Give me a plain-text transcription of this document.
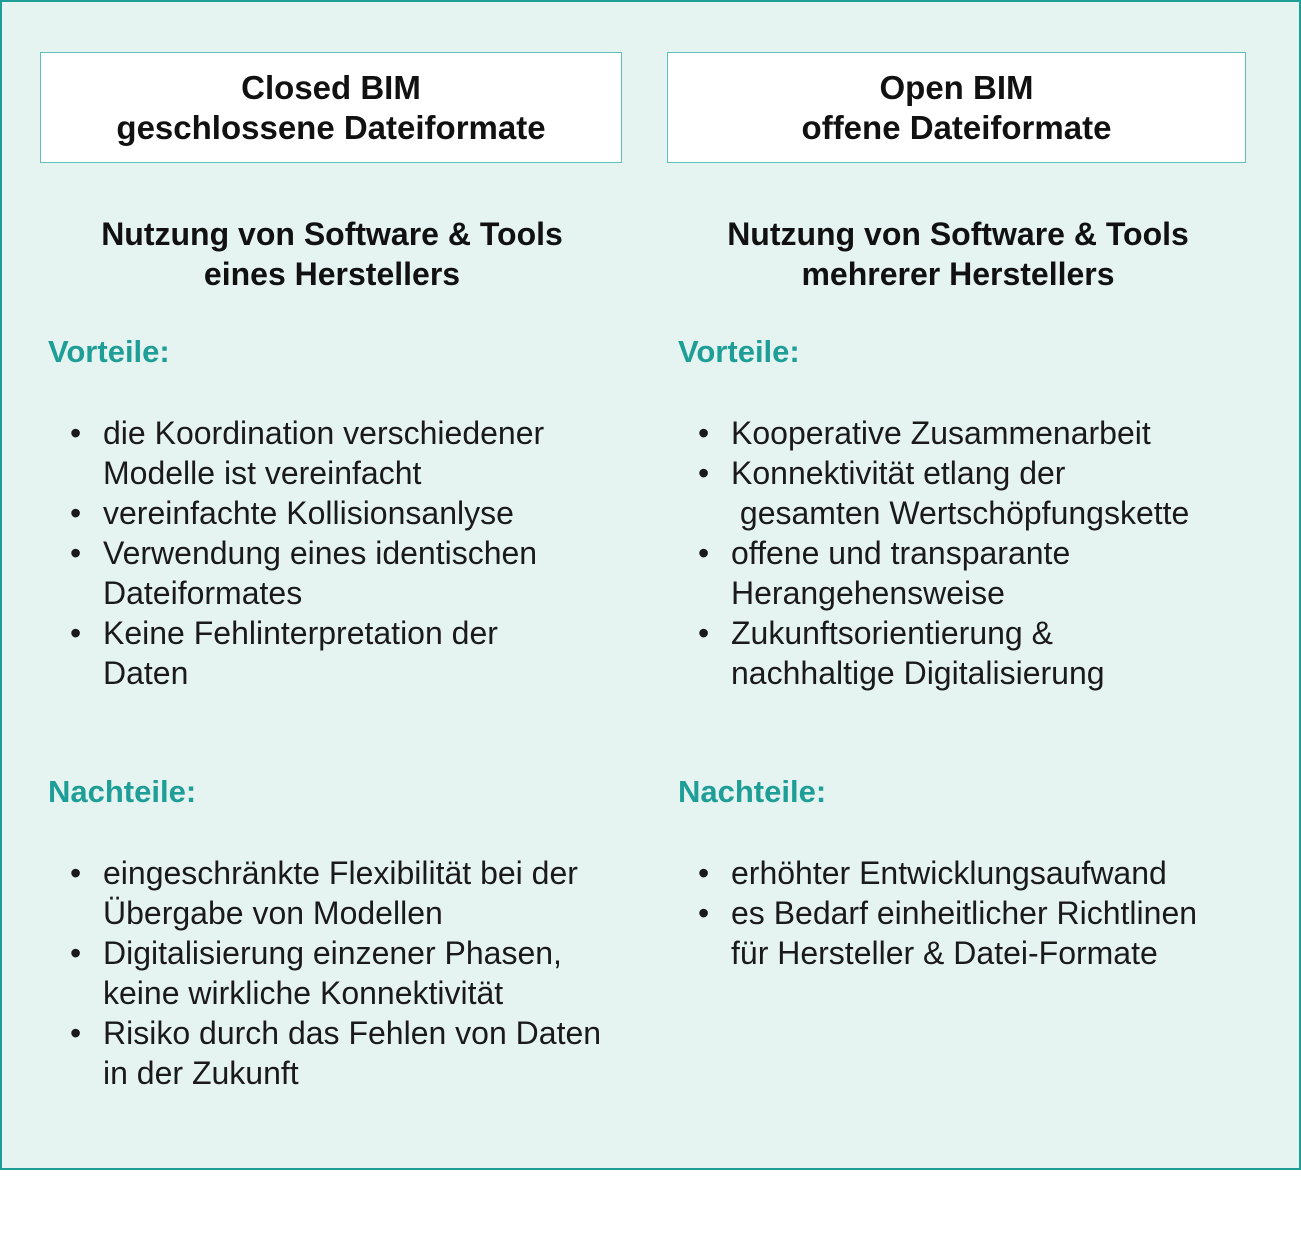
Closed BIM
geschlossene Dateiformate
Nutzung von Software & Tools
eines Herstellers
Vorteile:
• die Koordination verschiedener
Modelle ist vereinfacht
• vereinfachte Kollisionsanlyse
• Verwendung eines identischen
Dateiformates
• Keine Fehlinterpretation der
Daten
Nachteile:
• eingeschränkte Flexibilität bei der
Übergabe von Modellen
• Digitalisierung einzener Phasen,
keine wirkliche Konnektivität
• Risiko durch das Fehlen von Daten
in der Zukunft
Open BIM
offene Dateiformate
Nutzung von Software & Tools
mehrerer Herstellers
Vorteile:
• Kooperative Zusammenarbeit
• Konnektivität etlang der
gesamten Wertschöpfungskette
• offene und transparante
Herangehensweise
• Zukunftsorientierung &
nachhaltige Digitalisierung
Nachteile:
• erhöhter Entwicklungsaufwand
• es Bedarf einheitlicher Richtlinen
für Hersteller & Datei-Formate
